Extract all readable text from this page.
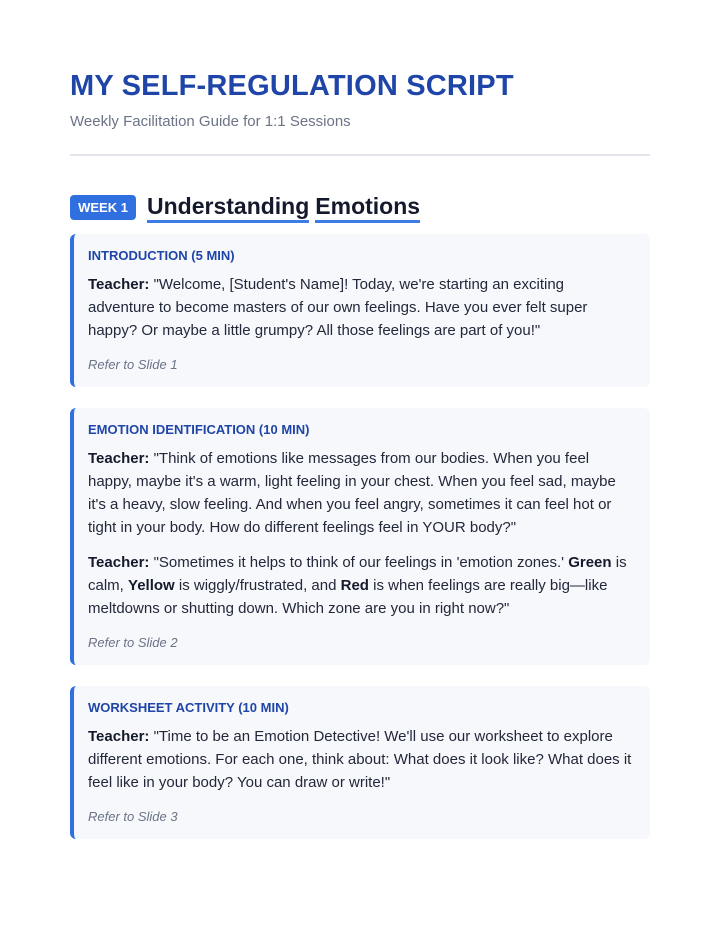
MY SELF-REGULATION SCRIPT
Weekly Facilitation Guide for 1:1 Sessions
WEEK 1 Understanding Emotions
INTRODUCTION (5 MIN)
Teacher: "Welcome, [Student's Name]! Today, we're starting an exciting adventure to become masters of our own feelings. Have you ever felt super happy? Or maybe a little grumpy? All those feelings are part of you!"
Refer to Slide 1
EMOTION IDENTIFICATION (10 MIN)
Teacher: "Think of emotions like messages from our bodies. When you feel happy, maybe it's a warm, light feeling in your chest. When you feel sad, maybe it's a heavy, slow feeling. And when you feel angry, sometimes it can feel hot or tight in your body. How do different feelings feel in YOUR body?"
Teacher: "Sometimes it helps to think of our feelings in 'emotion zones.' Green is calm, Yellow is wiggly/frustrated, and Red is when feelings are really big—like meltdowns or shutting down. Which zone are you in right now?"
Refer to Slide 2
WORKSHEET ACTIVITY (10 MIN)
Teacher: "Time to be an Emotion Detective! We'll use our worksheet to explore different emotions. For each one, think about: What does it look like? What does it feel like in your body? You can draw or write!"
Refer to Slide 3
